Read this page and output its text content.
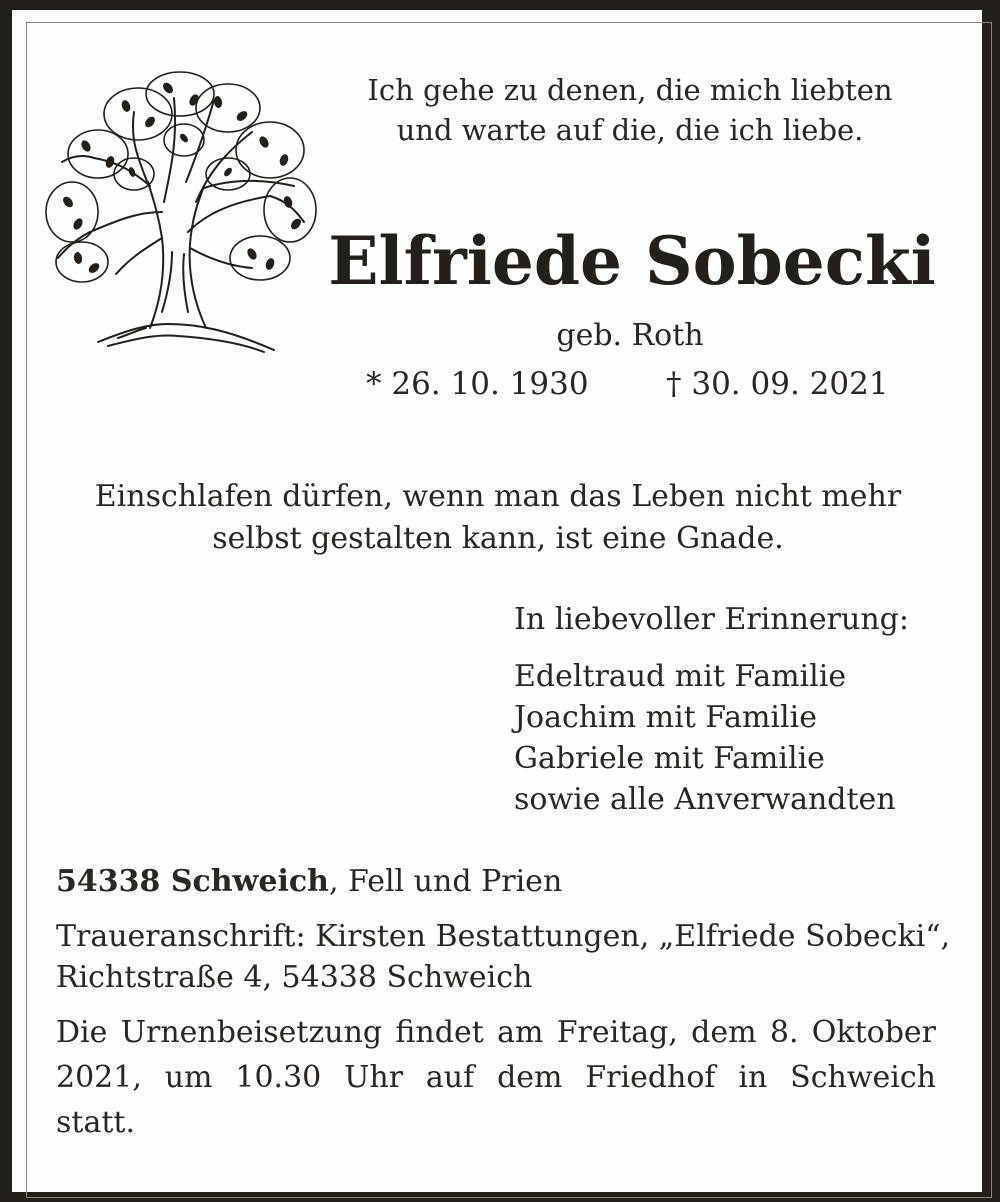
Ich gehe zu denen, die mich liebten
und warte auf die, die ich liebe.
Elfriede Sobecki
geb. Roth
* 26. 10. 1930 † 30. 09. 2021
Einschlafen dürfen, wenn man das Leben nicht mehr
selbst gestalten kann, ist eine Gnade.
In liebevoller Erinnerung:
Edeltraud mit Familie
Joachim mit Familie
Gabriele mit Familie
sowie alle Anverwandten
54338 Schweich, Fell und Prien
Traueranschrift: Kirsten Bestattungen, „Elfriede Sobecki“,
Richtstraße 4, 54338 Schweich
Die Urnenbeisetzung findet am Freitag, dem 8. Oktober
2021, um 10.30 Uhr auf dem Friedhof in Schweich
statt.
